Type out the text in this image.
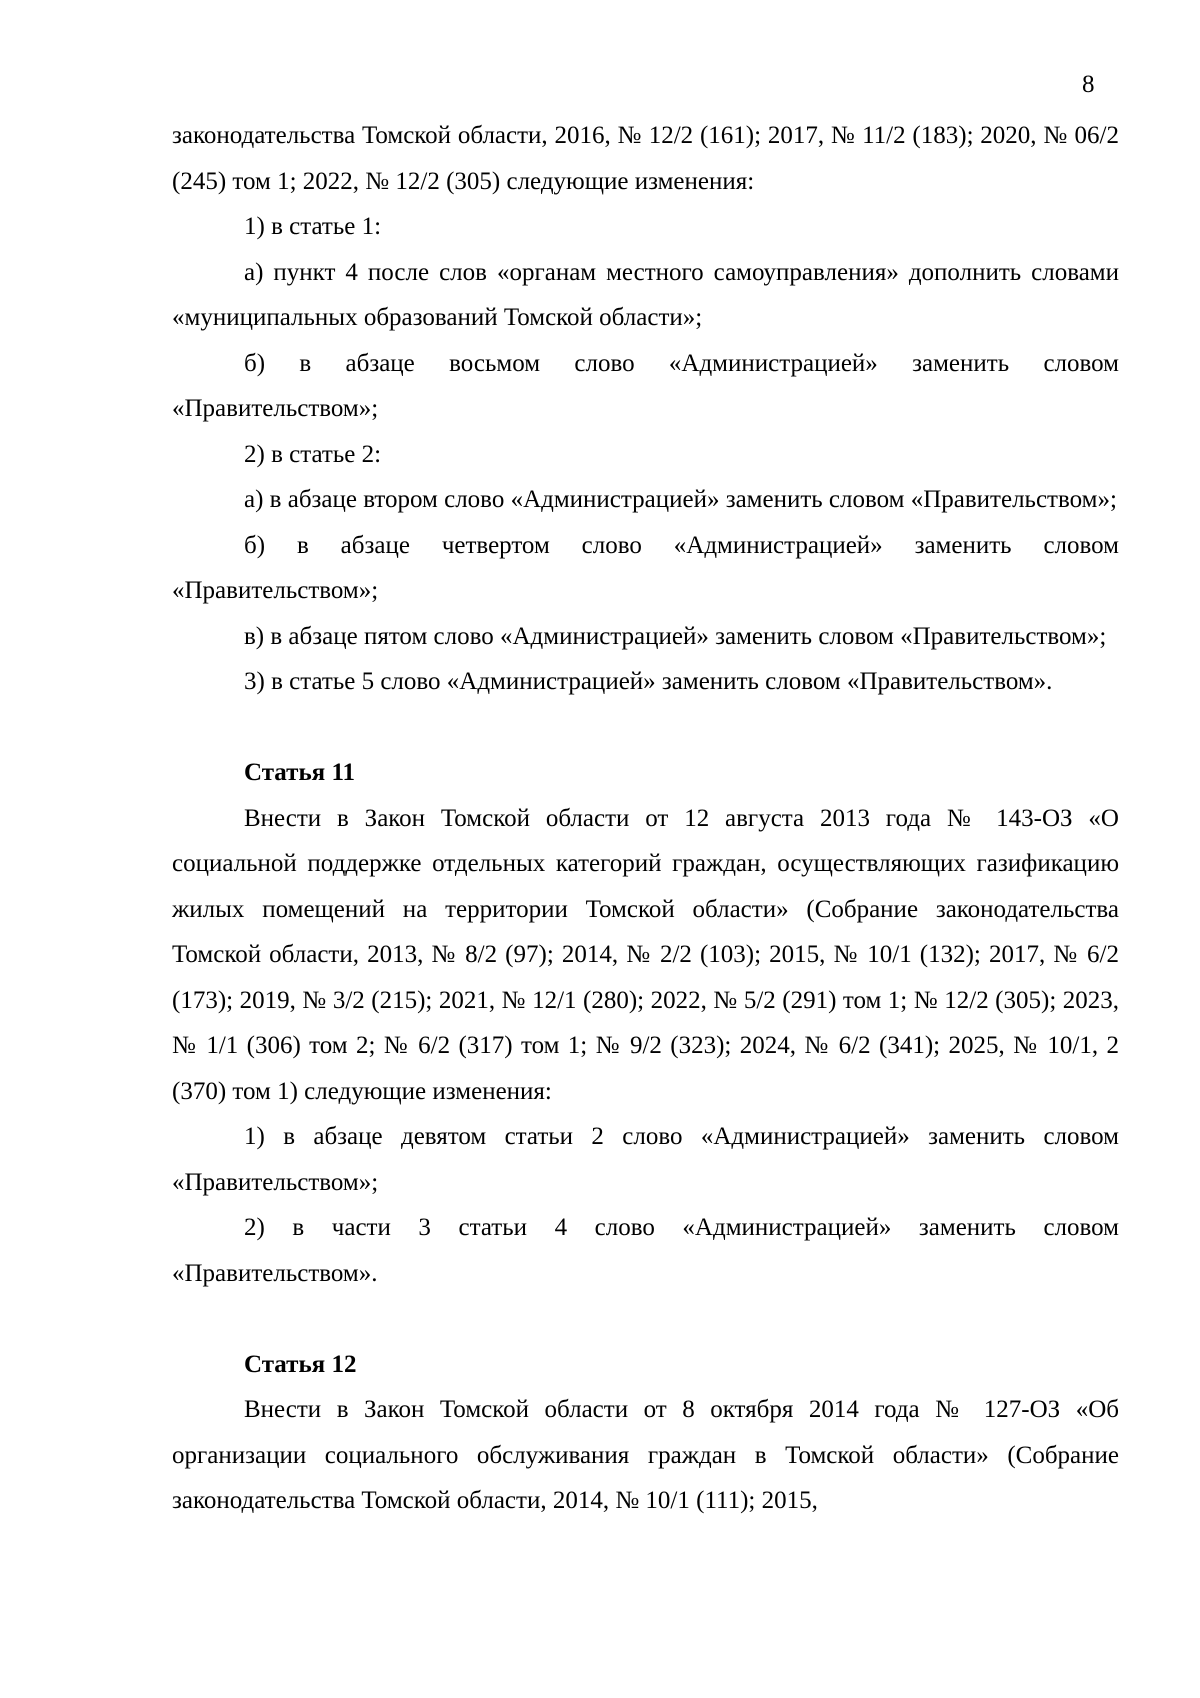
8

законодательства Томской области, 2016, № 12/2 (161); 2017, № 11/2 (183); 2020, № 06/2 (245) том 1; 2022, № 12/2 (305) следующие изменения:

1) в статье 1:

а) пункт 4 после слов «органам местного самоуправления» дополнить словами «муниципальных образований Томской области»;

б) в абзаце восьмом слово «Администрацией» заменить словом «Правительством»;

2) в статье 2:

а) в абзаце втором слово «Администрацией» заменить словом «Правительством»;

б) в абзаце четвертом слово «Администрацией» заменить словом «Правительством»;

в) в абзаце пятом слово «Администрацией» заменить словом «Правительством»;

3) в статье 5 слово «Администрацией» заменить словом «Правительством».

Статья 11

Внести в Закон Томской области от 12 августа 2013 года № 143-ОЗ «О социальной поддержке отдельных категорий граждан, осуществляющих газификацию жилых помещений на территории Томской области» (Собрание законодательства Томской области, 2013, № 8/2 (97); 2014, № 2/2 (103); 2015, № 10/1 (132); 2017, № 6/2 (173); 2019, № 3/2 (215); 2021, № 12/1 (280); 2022, № 5/2 (291) том 1; № 12/2 (305); 2023, № 1/1 (306) том 2; № 6/2 (317) том 1; № 9/2 (323); 2024, № 6/2 (341); 2025, № 10/1, 2 (370) том 1) следующие изменения:

1) в абзаце девятом статьи 2 слово «Администрацией» заменить словом «Правительством»;

2) в части 3 статьи 4 слово «Администрацией» заменить словом «Правительством».

Статья 12

Внести в Закон Томской области от 8 октября 2014 года № 127-ОЗ «Об организации социального обслуживания граждан в Томской области» (Собрание законодательства Томской области, 2014, № 10/1 (111); 2015,
